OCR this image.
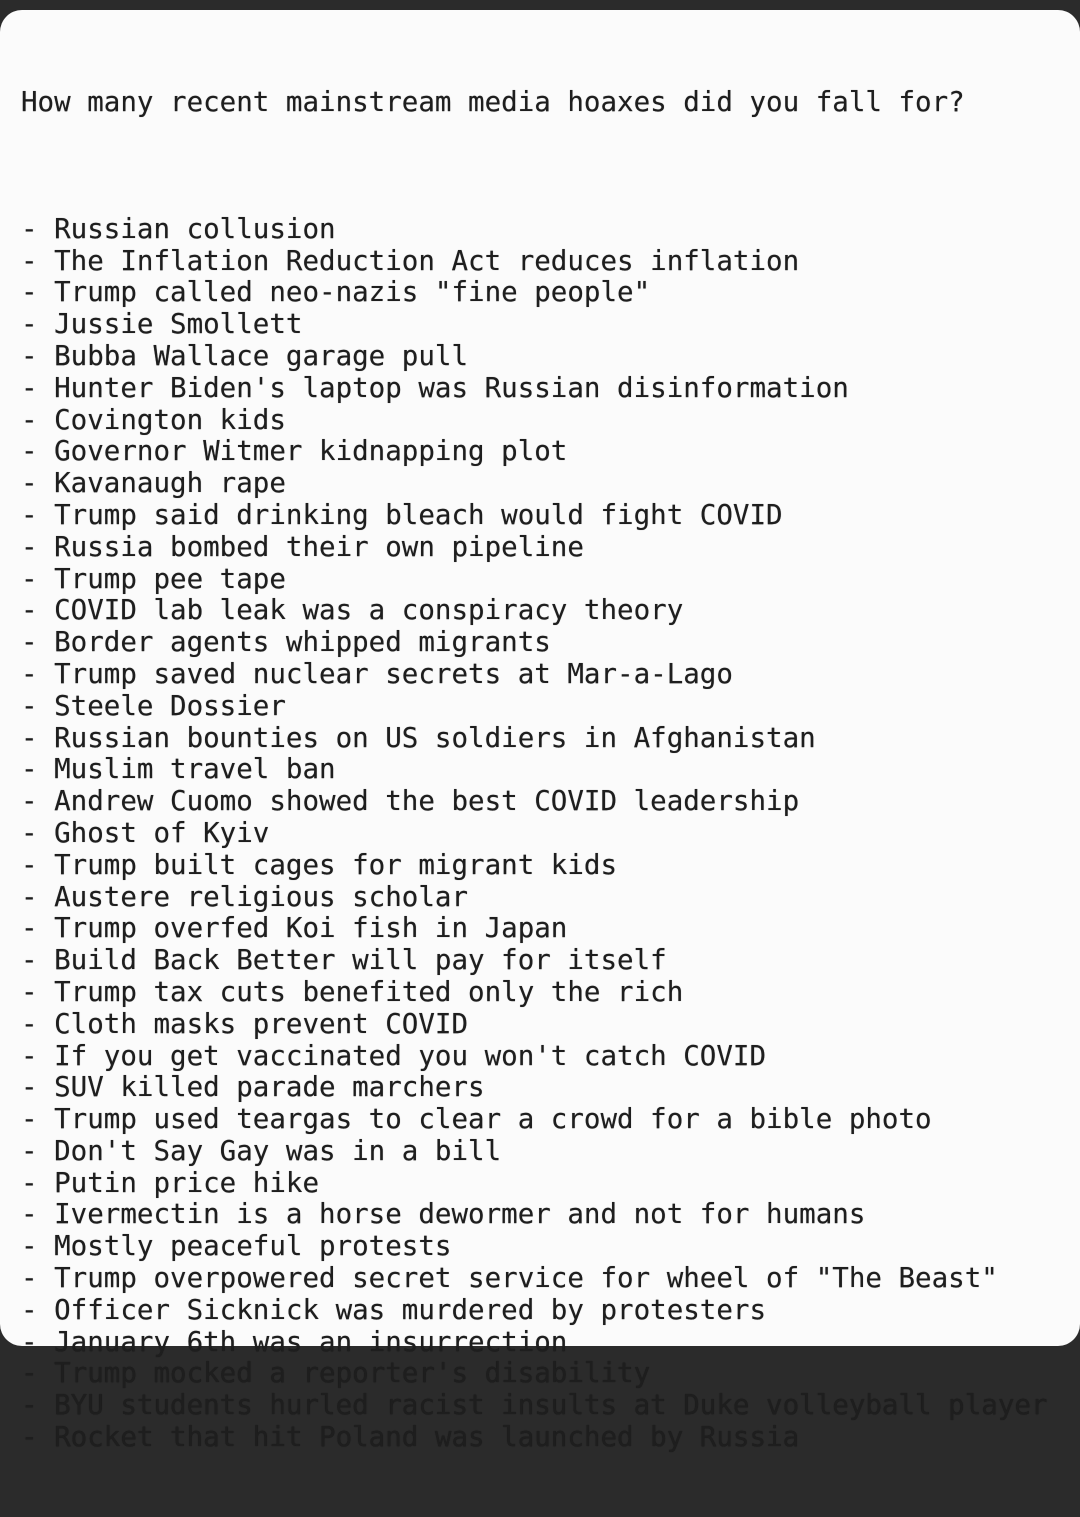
How many recent mainstream media hoaxes did you fall for?

- Russian collusion
- The Inflation Reduction Act reduces inflation
- Trump called neo-nazis "fine people"
- Jussie Smollett
- Bubba Wallace garage pull
- Hunter Biden's laptop was Russian disinformation
- Covington kids
- Governor Witmer kidnapping plot
- Kavanaugh rape
- Trump said drinking bleach would fight COVID
- Russia bombed their own pipeline
- Trump pee tape
- COVID lab leak was a conspiracy theory
- Border agents whipped migrants
- Trump saved nuclear secrets at Mar-a-Lago
- Steele Dossier
- Russian bounties on US soldiers in Afghanistan
- Muslim travel ban
- Andrew Cuomo showed the best COVID leadership
- Ghost of Kyiv
- Trump built cages for migrant kids
- Austere religious scholar
- Trump overfed Koi fish in Japan
- Build Back Better will pay for itself
- Trump tax cuts benefited only the rich
- Cloth masks prevent COVID
- If you get vaccinated you won't catch COVID
- SUV killed parade marchers
- Trump used teargas to clear a crowd for a bible photo
- Don't Say Gay was in a bill
- Putin price hike
- Ivermectin is a horse dewormer and not for humans
- Mostly peaceful protests
- Trump overpowered secret service for wheel of "The Beast"
- Officer Sicknick was murdered by protesters
- January 6th was an insurrection
- Trump mocked a reporter's disability
- BYU students hurled racist insults at Duke volleyball player
- Rocket that hit Poland was launched by Russia
